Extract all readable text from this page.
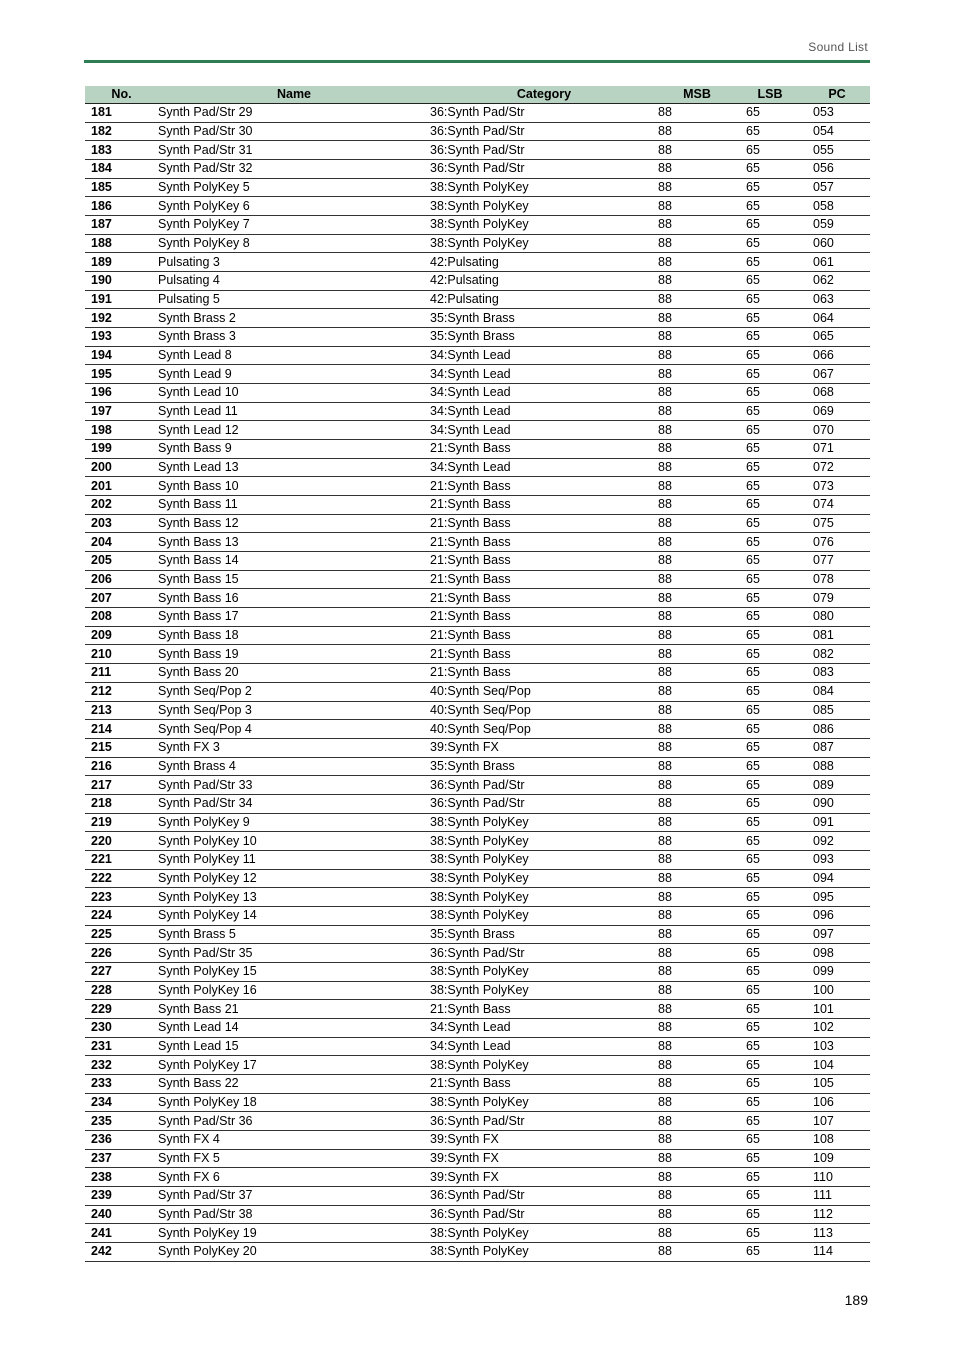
Sound List
No.	Name	Category	MSB	LSB	PC
181	Synth Pad/Str 29	36:Synth Pad/Str	88	65	053
182	Synth Pad/Str 30	36:Synth Pad/Str	88	65	054
183	Synth Pad/Str 31	36:Synth Pad/Str	88	65	055
184	Synth Pad/Str 32	36:Synth Pad/Str	88	65	056
185	Synth PolyKey 5	38:Synth PolyKey	88	65	057
186	Synth PolyKey 6	38:Synth PolyKey	88	65	058
187	Synth PolyKey 7	38:Synth PolyKey	88	65	059
188	Synth PolyKey 8	38:Synth PolyKey	88	65	060
189	Pulsating 3	42:Pulsating	88	65	061
190	Pulsating 4	42:Pulsating	88	65	062
191	Pulsating 5	42:Pulsating	88	65	063
192	Synth Brass 2	35:Synth Brass	88	65	064
193	Synth Brass 3	35:Synth Brass	88	65	065
194	Synth Lead 8	34:Synth Lead	88	65	066
195	Synth Lead 9	34:Synth Lead	88	65	067
196	Synth Lead 10	34:Synth Lead	88	65	068
197	Synth Lead 11	34:Synth Lead	88	65	069
198	Synth Lead 12	34:Synth Lead	88	65	070
199	Synth Bass 9	21:Synth Bass	88	65	071
200	Synth Lead 13	34:Synth Lead	88	65	072
201	Synth Bass 10	21:Synth Bass	88	65	073
202	Synth Bass 11	21:Synth Bass	88	65	074
203	Synth Bass 12	21:Synth Bass	88	65	075
204	Synth Bass 13	21:Synth Bass	88	65	076
205	Synth Bass 14	21:Synth Bass	88	65	077
206	Synth Bass 15	21:Synth Bass	88	65	078
207	Synth Bass 16	21:Synth Bass	88	65	079
208	Synth Bass 17	21:Synth Bass	88	65	080
209	Synth Bass 18	21:Synth Bass	88	65	081
210	Synth Bass 19	21:Synth Bass	88	65	082
211	Synth Bass 20	21:Synth Bass	88	65	083
212	Synth Seq/Pop 2	40:Synth Seq/Pop	88	65	084
213	Synth Seq/Pop 3	40:Synth Seq/Pop	88	65	085
214	Synth Seq/Pop 4	40:Synth Seq/Pop	88	65	086
215	Synth FX 3	39:Synth FX	88	65	087
216	Synth Brass 4	35:Synth Brass	88	65	088
217	Synth Pad/Str 33	36:Synth Pad/Str	88	65	089
218	Synth Pad/Str 34	36:Synth Pad/Str	88	65	090
219	Synth PolyKey 9	38:Synth PolyKey	88	65	091
220	Synth PolyKey 10	38:Synth PolyKey	88	65	092
221	Synth PolyKey 11	38:Synth PolyKey	88	65	093
222	Synth PolyKey 12	38:Synth PolyKey	88	65	094
223	Synth PolyKey 13	38:Synth PolyKey	88	65	095
224	Synth PolyKey 14	38:Synth PolyKey	88	65	096
225	Synth Brass 5	35:Synth Brass	88	65	097
226	Synth Pad/Str 35	36:Synth Pad/Str	88	65	098
227	Synth PolyKey 15	38:Synth PolyKey	88	65	099
228	Synth PolyKey 16	38:Synth PolyKey	88	65	100
229	Synth Bass 21	21:Synth Bass	88	65	101
230	Synth Lead 14	34:Synth Lead	88	65	102
231	Synth Lead 15	34:Synth Lead	88	65	103
232	Synth PolyKey 17	38:Synth PolyKey	88	65	104
233	Synth Bass 22	21:Synth Bass	88	65	105
234	Synth PolyKey 18	38:Synth PolyKey	88	65	106
235	Synth Pad/Str 36	36:Synth Pad/Str	88	65	107
236	Synth FX 4	39:Synth FX	88	65	108
237	Synth FX 5	39:Synth FX	88	65	109
238	Synth FX 6	39:Synth FX	88	65	110
239	Synth Pad/Str 37	36:Synth Pad/Str	88	65	111
240	Synth Pad/Str 38	36:Synth Pad/Str	88	65	112
241	Synth PolyKey 19	38:Synth PolyKey	88	65	113
242	Synth PolyKey 20	38:Synth PolyKey	88	65	114
189
